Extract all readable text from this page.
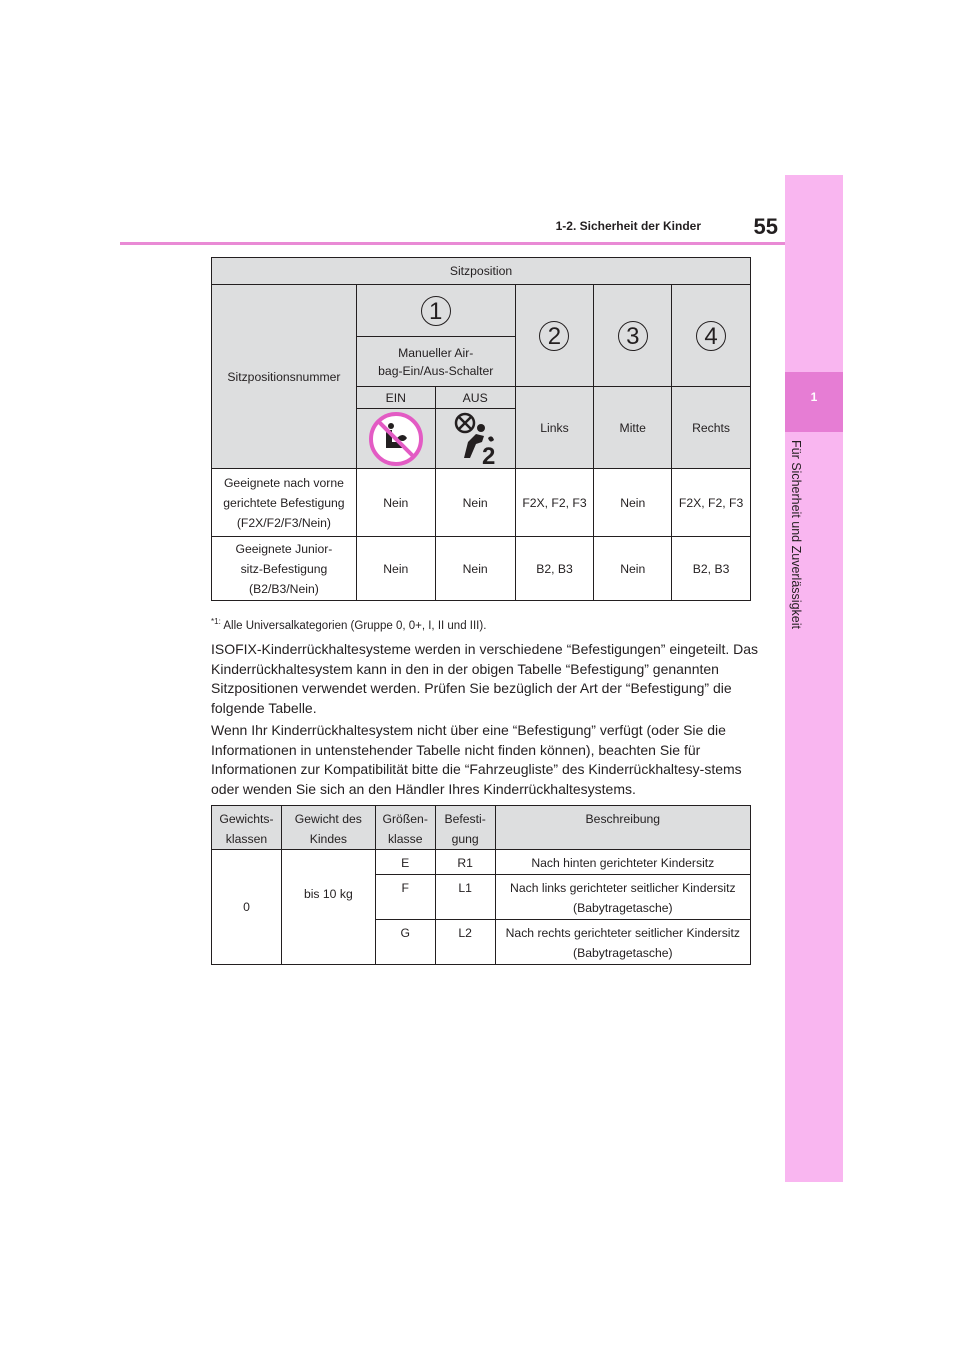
55
1-2. Sicherheit der Kinder
1
Für Sicherheit und Zuverlässigkeit
Sitzposition					
Sitzpositionsnummer	1		2	3	4
	Manueller Air-
bag-Ein/Aus-Schalter				
	EIN	AUS	Links	Mitte	Rechts

2			

Geeignete nach vorne
gerichtete Befestigung
(F2X/F2/F3/Nein)	Nein	Nein	F2X, F2, F3	Nein	F2X, F2, F3
Geeignete Junior-
sitz-Befestigung
(B2/B3/Nein)	Nein	Nein	B2, B3	Nein	B2, B3
$^{*1:}$ Alle Universalkategorien (Gruppe 0, 0+, I, II und III).
ISOFIX-Kinderrückhaltesysteme werden in verschiedene “Befestigungen” eingeteilt. Das Kinderrückhaltesystem kann in den in der obigen Tabelle “Befestigung” genannten Sitzpositionen verwendet werden. Prüfen Sie bezüglich der Art der “Befestigung” die folgende Tabelle.
Wenn Ihr Kinderrückhaltesystem nicht über eine “Befestigung” verfügt (oder Sie die Informationen in untenstehender Tabelle nicht finden können), beachten Sie für Informationen zur Kompatibilität bitte die “Fahrzeugliste” des Kinderrückhaltesy-stems oder wenden Sie sich an den Händler Ihres Kinderrückhaltesystems.
Gewichts-
klassen	Gewicht des
Kindes	Größen-
klasse	Befesti-
gung	Beschreibung
0	bis 10 kg	E	R1	Nach hinten gerichteter Kindersitz
		F	L1	Nach links gerichteter seitlicher Kindersitz
(Babytragetasche)
		G	L2	Nach rechts gerichteter seitlicher Kindersitz
(Babytragetasche)
